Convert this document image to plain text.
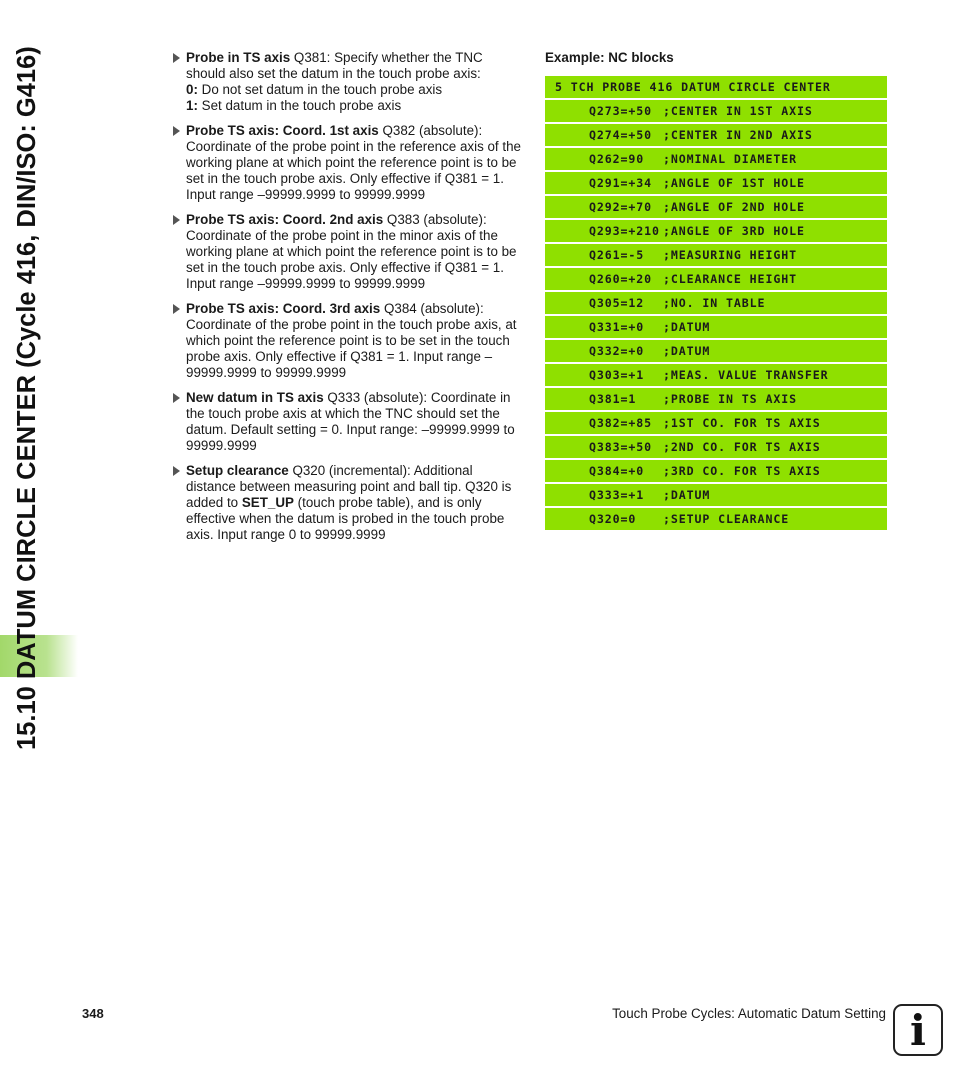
15.10 DATUM CIRCLE CENTER (Cycle 416, DIN/ISO: G416)	Probe in TS axis Q381: Specify whether the TNC should also set the datum in the touch probe axis:
0: Do not set datum in the touch probe axis
1: Set datum in the touch probe axis
Probe TS axis: Coord. 1st axis Q382 (absolute): Coordinate of the probe point in the reference axis of the working plane at which point the reference point is to be set in the touch probe axis. Only effective if Q381 = 1. Input range –99999.9999 to 99999.9999
Probe TS axis: Coord. 2nd axis Q383 (absolute): Coordinate of the probe point in the minor axis of the working plane at which point the reference point is to be set in the touch probe axis. Only effective if Q381 = 1. Input range –99999.9999 to 99999.9999
Probe TS axis: Coord. 3rd axis Q384 (absolute): Coordinate of the probe point in the touch probe axis, at which point the reference point is to be set in the touch probe axis. Only effective if Q381 = 1. Input range –99999.9999 to 99999.9999
New datum in TS axis Q333 (absolute): Coordinate in the touch probe axis at which the TNC should set the datum. Default setting = 0. Input range: –99999.9999 to 99999.9999
Setup clearance Q320 (incremental): Additional distance between measuring point and ball tip. Q320 is added to SET_UP (touch probe table), and is only effective when the datum is probed in the touch probe axis. Input range 0 to 99999.9999
Example: NC blocks
5 TCH PROBE 416 DATUM CIRCLE CENTER
Q273=+50 ;CENTER IN 1ST AXIS
Q274=+50 ;CENTER IN 2ND AXIS
Q262=90	;NOMINAL DIAMETER
Q291=+34 ;ANGLE OF 1ST HOLE
Q292=+70 ;ANGLE OF 2ND HOLE
Q293=+210 ;ANGLE OF 3RD HOLE
Q261=-5	;MEASURING HEIGHT
Q260=+20 ;CLEARANCE HEIGHT
Q305=12	;NO. IN TABLE
Q331=+0	;DATUM
Q332=+0	;DATUM
Q303=+1	;MEAS. VALUE TRANSFER
Q381=1	;PROBE IN TS AXIS
Q382=+85 ;1ST CO. FOR TS AXIS
Q383=+50 ;2ND CO. FOR TS AXIS
Q384=+0	;3RD CO. FOR TS AXIS
Q333=+1	;DATUM
Q320=0	;SETUP CLEARANCE
348	Touch Probe Cycles: Automatic Datum Setting i
